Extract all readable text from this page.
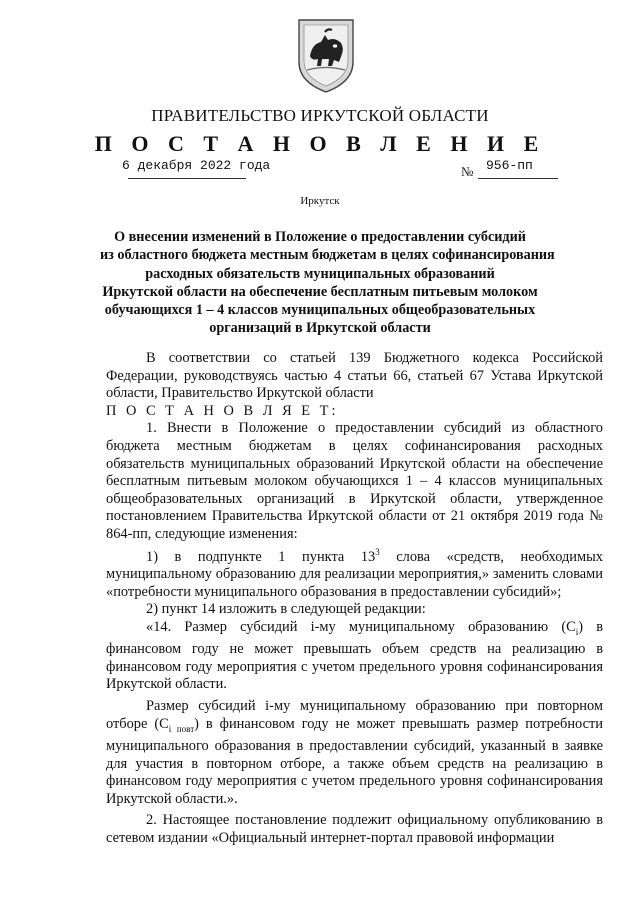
ПРАВИТЕЛЬСТВО ИРКУТСКОЙ ОБЛАСТИ
П О С Т А Н О В Л Е Н И Е
6 декабря 2022 года	№ 956-пп
Иркутск
О внесении изменений в Положение о предоставлении субсидий
из областного бюджета местным бюджетам в целях софинансирования
расходных обязательств муниципальных образований
Иркутской области на обеспечение бесплатным питьевым молоком
обучающихся 1 – 4 классов муниципальных общеобразовательных
организаций в Иркутской области

В соответствии со статьей 139 Бюджетного кодекса Российской Федерации, руководствуясь частью 4 статьи 66, статьей 67 Устава Иркутской области, Правительство Иркутской области

П О С Т А Н О В Л Я Е Т:

1. Внести в Положение о предоставлении субсидий из областного бюджета местным бюджетам в целях софинансирования расходных обязательств муниципальных образований Иркутской области на обеспечение бесплатным питьевым молоком обучающихся 1 – 4 классов муниципальных общеобразовательных организаций в Иркутской области, утвержденное постановлением Правительства Иркутской области от 21 октября 2019 года № 864-пп, следующие изменения:

1) в подпункте 1 пункта $13^3$ слова «средств, необходимых муниципальному образованию для реализации мероприятия,» заменить словами «потребности муниципального образования в предоставлении субсидий»;

2) пункт 14 изложить в следующей редакции:

«14. Размер субсидий i-му муниципальному образованию $(C_i)$ в финансовом году не может превышать объем средств на реализацию в финансовом году мероприятия с учетом предельного уровня софинансирования Иркутской области.

Размер субсидий i-му муниципальному образованию при повторном отборе $(C_{i повт})$ в финансовом году не может превышать размер потребности муниципального образования в предоставлении субсидий, указанный в заявке для участия в повторном отборе, а также объем средств на реализацию в финансовом году мероприятия с учетом предельного уровня софинансирования Иркутской области.».

2. Настоящее постановление подлежит официальному опубликованию в сетевом издании «Официальный интернет-портал правовой информации
